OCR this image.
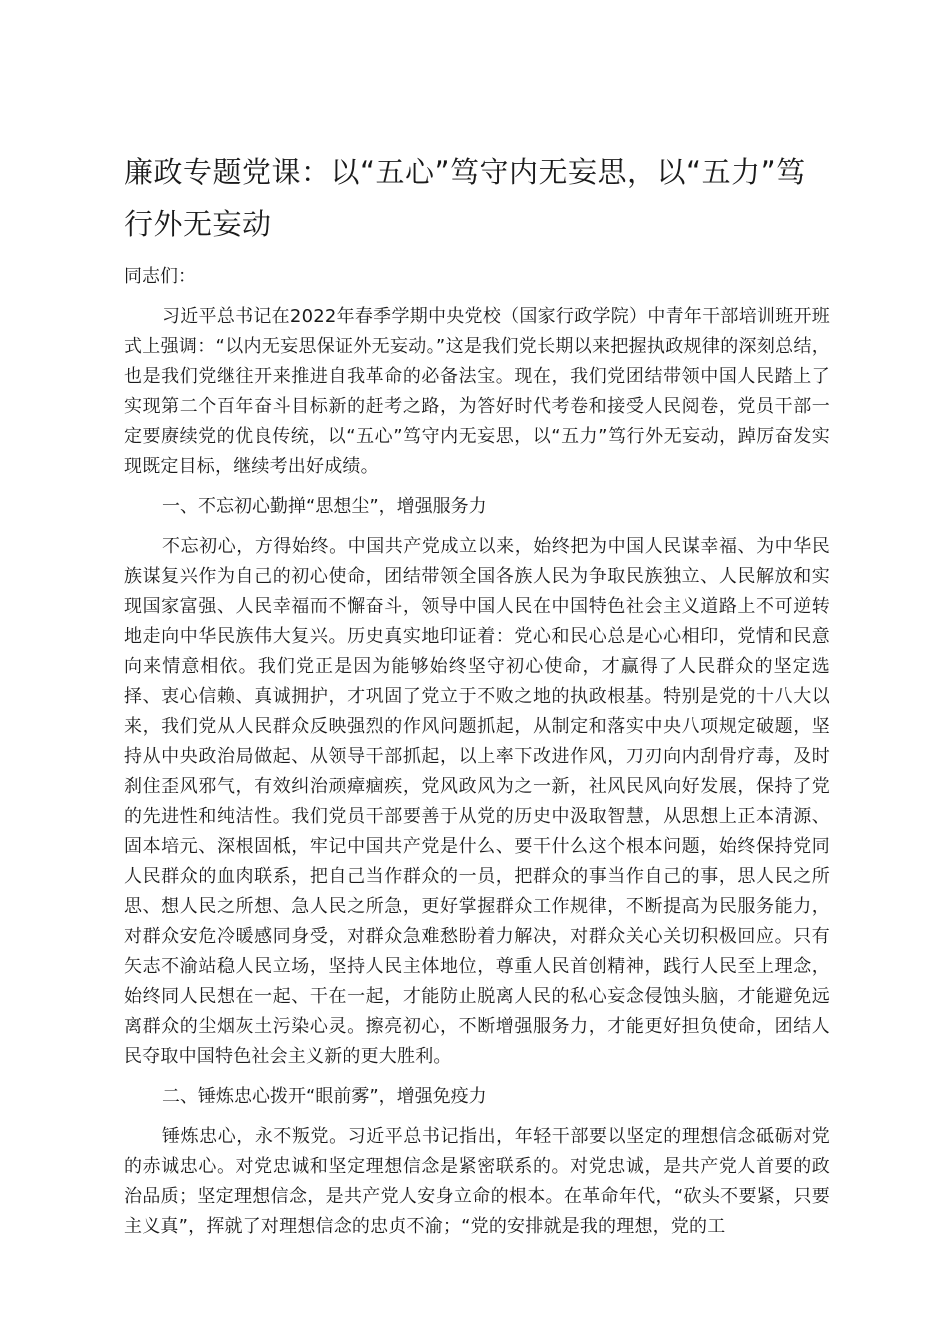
廉政专题党课：以“五心”笃守内无妄思，以“五力”笃行外无妄动

同志们：

习近平总书记在2022年春季学期中央党校（国家行政学院）中青年干部培训班开班式上强调：“以内无妄思保证外无妄动。”这是我们党长期以来把握执政规律的深刻总结，也是我们党继往开来推进自我革命的必备法宝。现在，我们党团结带领中国人民踏上了实现第二个百年奋斗目标新的赶考之路，为答好时代考卷和接受人民阅卷，党员干部一定要赓续党的优良传统，以“五心”笃守内无妄思，以“五力”笃行外无妄动，踔厉奋发实现既定目标，继续考出好成绩。

一、不忘初心勤掸“思想尘”，增强服务力

不忘初心，方得始终。中国共产党成立以来，始终把为中国人民谋幸福、为中华民族谋复兴作为自己的初心使命，团结带领全国各族人民为争取民族独立、人民解放和实现国家富强、人民幸福而不懈奋斗，领导中国人民在中国特色社会主义道路上不可逆转地走向中华民族伟大复兴。历史真实地印证着：党心和民心总是心心相印，党情和民意向来情意相依。我们党正是因为能够始终坚守初心使命，才赢得了人民群众的坚定选择、衷心信赖、真诚拥护，才巩固了党立于不败之地的执政根基。特别是党的十八大以来，我们党从人民群众反映强烈的作风问题抓起，从制定和落实中央八项规定破题，坚持从中央政治局做起、从领导干部抓起，以上率下改进作风，刀刃向内刮骨疗毒，及时刹住歪风邪气，有效纠治顽瘴痼疾，党风政风为之一新，社风民风向好发展，保持了党的先进性和纯洁性。我们党员干部要善于从党的历史中汲取智慧，从思想上正本清源、固本培元、深根固柢，牢记中国共产党是什么、要干什么这个根本问题，始终保持党同人民群众的血肉联系，把自己当作群众的一员，把群众的事当作自己的事，思人民之所思、想人民之所想、急人民之所急，更好掌握群众工作规律，不断提高为民服务能力，对群众安危冷暖感同身受，对群众急难愁盼着力解决，对群众关心关切积极回应。只有矢志不渝站稳人民立场，坚持人民主体地位，尊重人民首创精神，践行人民至上理念，始终同人民想在一起、干在一起，才能防止脱离人民的私心妄念侵蚀头脑，才能避免远离群众的尘烟灰土污染心灵。擦亮初心，不断增强服务力，才能更好担负使命，团结人民夺取中国特色社会主义新的更大胜利。

二、锤炼忠心拨开“眼前雾”，增强免疫力

锤炼忠心，永不叛党。习近平总书记指出，年轻干部要以坚定的理想信念砥砺对党的赤诚忠心。对党忠诚和坚定理想信念是紧密联系的。对党忠诚，是共产党人首要的政治品质；坚定理想信念，是共产党人安身立命的根本。在革命年代，“砍头不要紧，只要主义真”，挥就了对理想信念的忠贞不渝；“党的安排就是我的理想，党的工
